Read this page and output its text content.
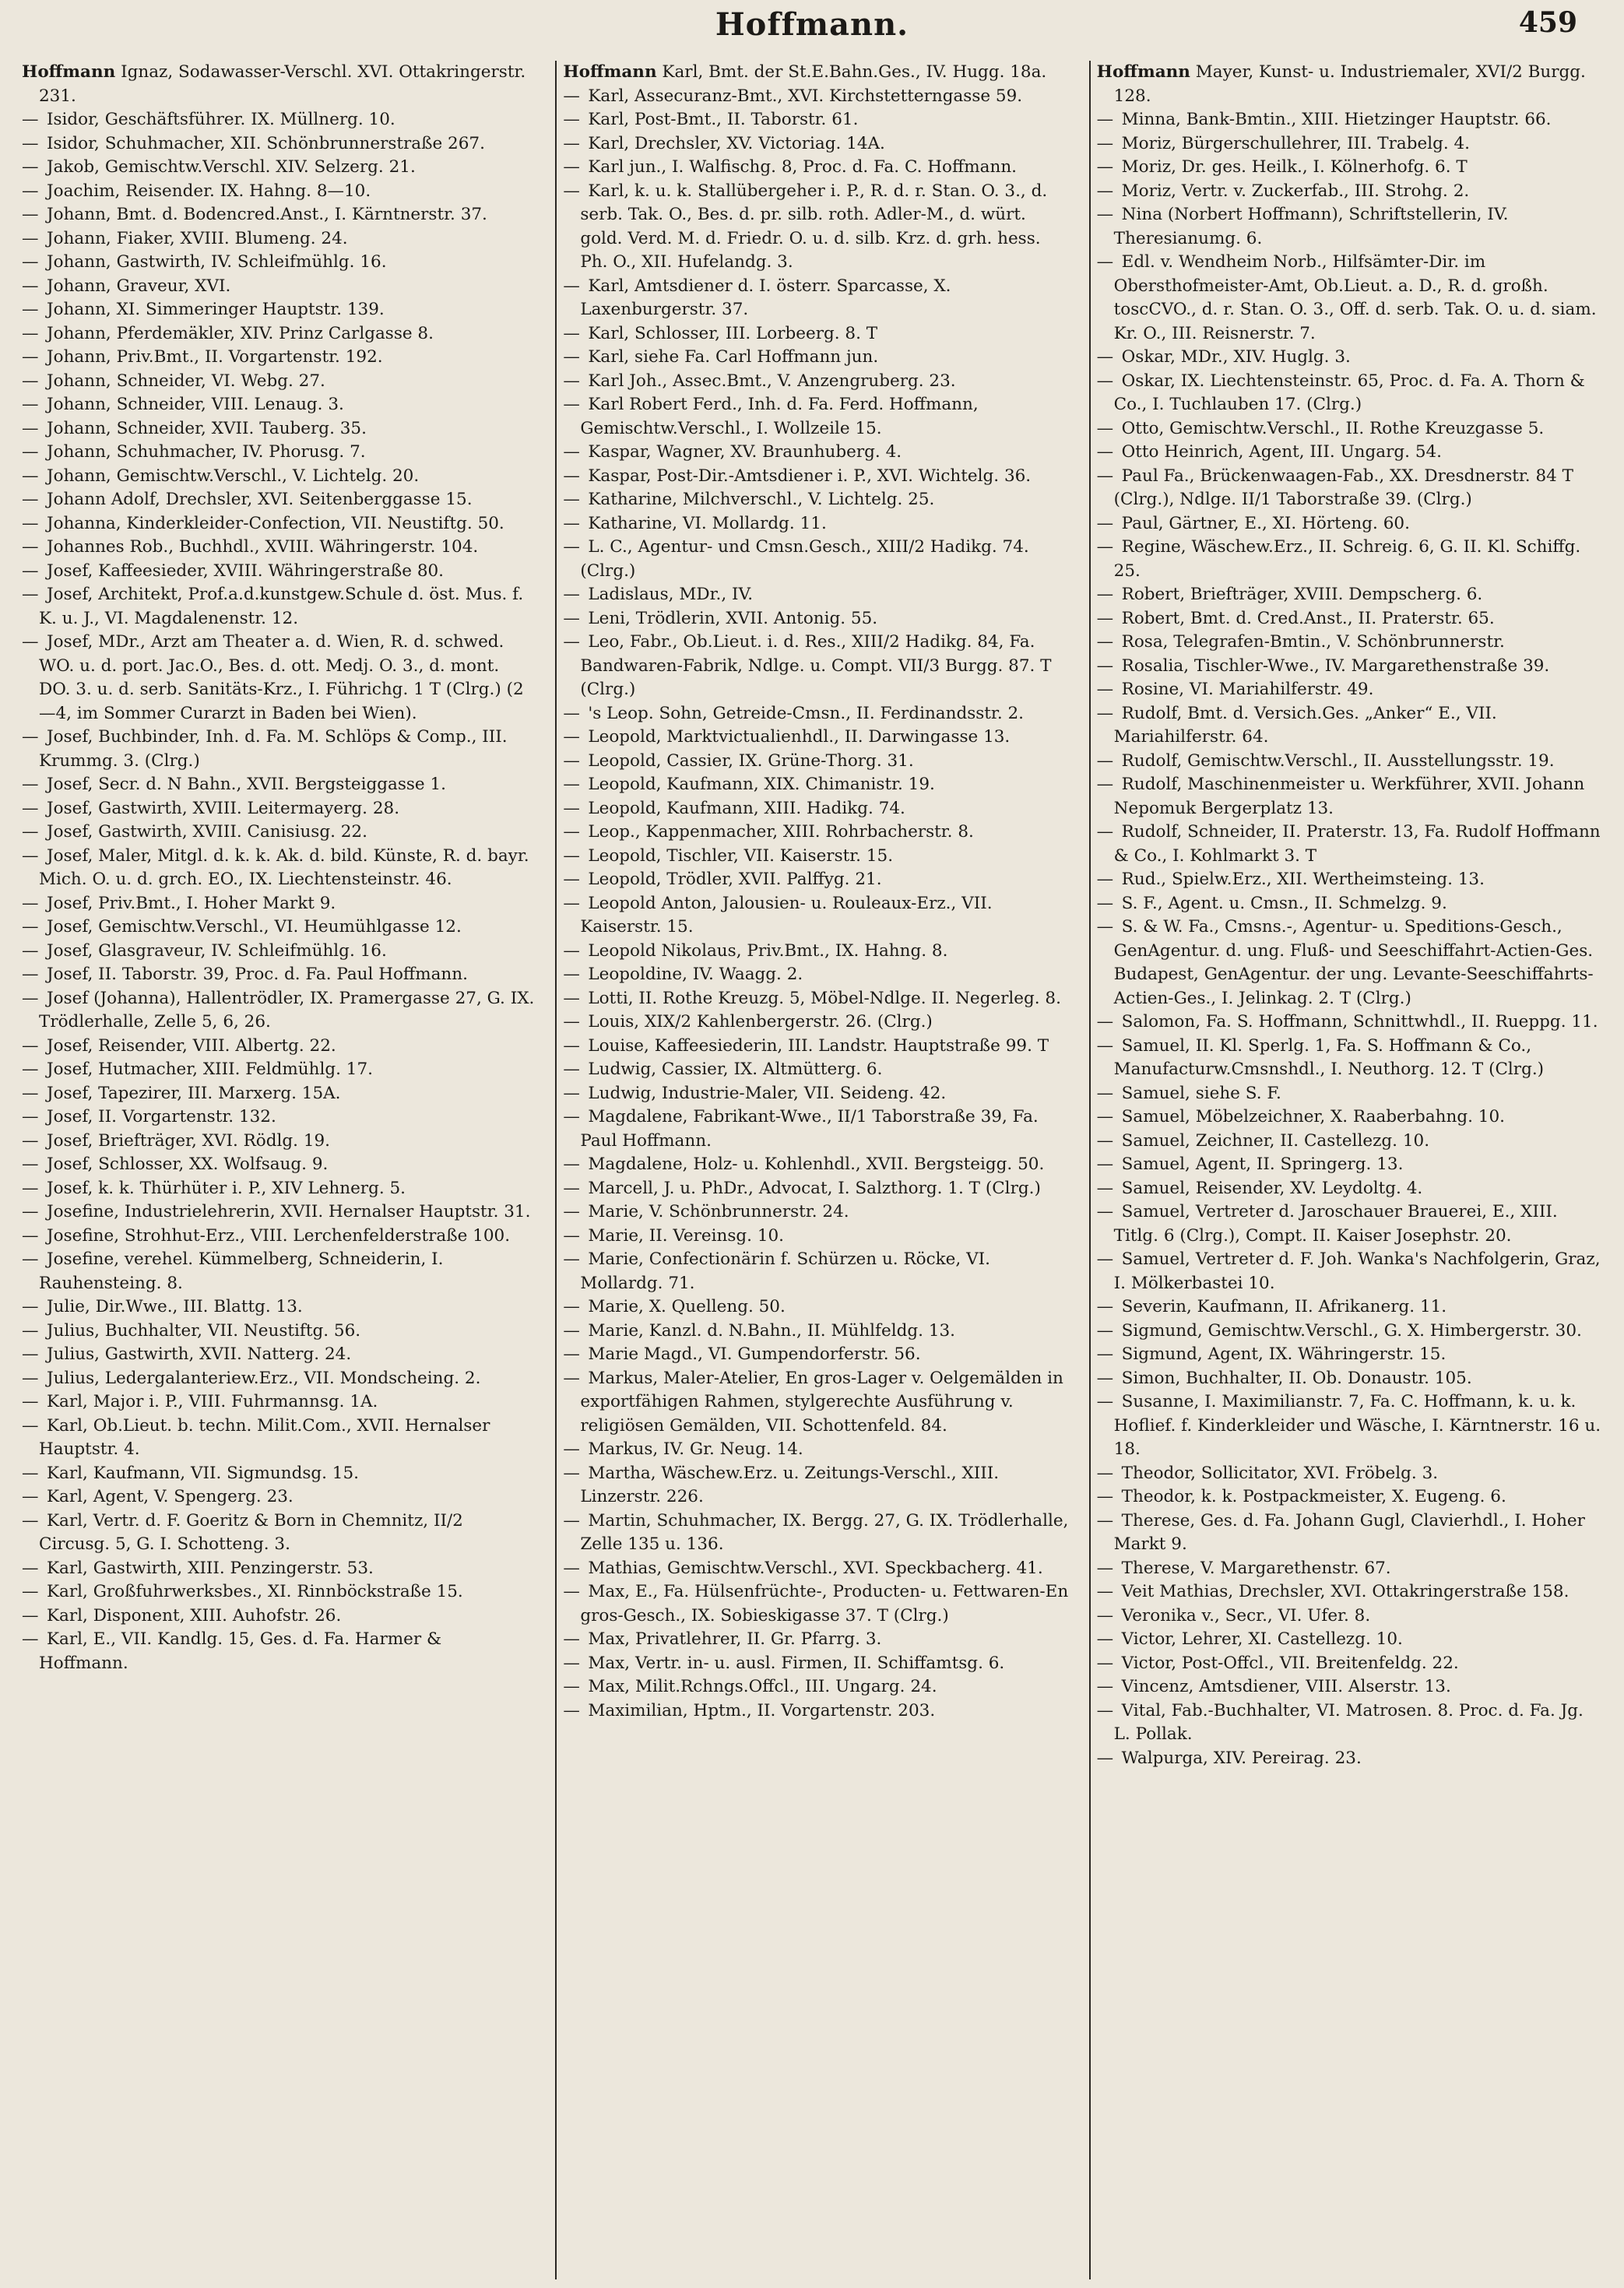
Hoffmann.	459
Hoffmann Ignaz, Sodawasser-Verschl. XVI. Ottakringerstr. 231.
— Isidor, Geschäftsführer. IX. Müllnerg. 10.
— Isidor, Schuhmacher, XII. Schönbrunnerstraße 267.
— Jakob, Gemischtw.Verschl. XIV. Selzerg. 21.
— Joachim, Reisender. IX. Hahng. 8—10.
— Johann, Bmt. d. Bodencred.Anst., I. Kärntnerstr. 37.
— Johann, Fiaker, XVIII. Blumeng. 24.
— Johann, Gastwirth, IV. Schleifmühlg. 16.
— Johann, Graveur, XVI.
— Johann, XI. Simmeringer Hauptstr. 139.
— Johann, Pferdemäkler, XIV. Prinz Carlgasse 8.
— Johann, Priv.Bmt., II. Vorgartenstr. 192.
— Johann, Schneider, VI. Webg. 27.
— Johann, Schneider, VIII. Lenaug. 3.
— Johann, Schneider, XVII. Tauberg. 35.
— Johann, Schuhmacher, IV. Phorusg. 7.
— Johann, Gemischtw.Verschl., V. Lichtelg. 20.
— Johann Adolf, Drechsler, XVI. Seitenberggasse 15.
— Johanna, Kinderkleider-Confection, VII. Neustiftg. 50.
— Johannes Rob., Buchhdl., XVIII. Währingerstr. 104.
— Josef, Kaffeesieder, XVIII. Währingerstraße 80.
— Josef, Architekt, Prof.a.d.kunstgew.Schule d. öst. Mus. f. K. u. J., VI. Magdalenenstr. 12.
— Josef, MDr., Arzt am Theater a. d. Wien, R. d. schwed. WO. u. d. port. Jac.O., Bes. d. ott. Medj. O. 3., d. mont. DO. 3. u. d. serb. Sanitäts-Krz., I. Führichg. 1 T (Clrg.) (2—4, im Sommer Curarzt in Baden bei Wien).
— Josef, Buchbinder, Inh. d. Fa. M. Schlöps & Comp., III. Krummg. 3. (Clrg.)
— Josef, Secr. d. N Bahn., XVII. Bergsteiggasse 1.
— Josef, Gastwirth, XVIII. Leitermayerg. 28.
— Josef, Gastwirth, XVIII. Canisiusg. 22.
— Josef, Maler, Mitgl. d. k. k. Ak. d. bild. Künste, R. d. bayr. Mich. O. u. d. grch. EO., IX. Liechtensteinstr. 46.
— Josef, Priv.Bmt., I. Hoher Markt 9.
— Josef, Gemischtw.Verschl., VI. Heumühlgasse 12.
— Josef, Glasgraveur, IV. Schleifmühlg. 16.
— Josef, II. Taborstr. 39, Proc. d. Fa. Paul Hoffmann.
— Josef (Johanna), Hallentrödler, IX. Pramergasse 27, G. IX. Trödlerhalle, Zelle 5, 6, 26.
— Josef, Reisender, VIII. Albertg. 22.
— Josef, Hutmacher, XIII. Feldmühlg. 17.
— Josef, Tapezirer, III. Marxerg. 15A.
— Josef, II. Vorgartenstr. 132.
— Josef, Briefträger, XVI. Rödlg. 19.
— Josef, Schlosser, XX. Wolfsaug. 9.
— Josef, k. k. Thürhüter i. P., XIV Lehnerg. 5.
— Josefine, Industrielehrerin, XVII. Hernalser Hauptstr. 31.
— Josefine, Strohhut-Erz., VIII. Lerchenfelderstraße 100.
— Josefine, verehel. Kümmelberg, Schneiderin, I. Rauhensteing. 8.
— Julie, Dir.Wwe., III. Blattg. 13.
— Julius, Buchhalter, VII. Neustiftg. 56.
— Julius, Gastwirth, XVII. Natterg. 24.
— Julius, Ledergalanteriew.Erz., VII. Mondscheing. 2.
— Karl, Major i. P., VIII. Fuhrmannsg. 1A.
— Karl, Ob.Lieut. b. techn. Milit.Com., XVII. Hernalser Hauptstr. 4.
— Karl, Kaufmann, VII. Sigmundsg. 15.
— Karl, Agent, V. Spengerg. 23.
— Karl, Vertr. d. F. Goeritz & Born in Chemnitz, II/2 Circusg. 5, G. I. Schotteng. 3.
— Karl, Gastwirth, XIII. Penzingerstr. 53.
— Karl, Großfuhrwerksbes., XI. Rinnböckstraße 15.
— Karl, Disponent, XIII. Auhofstr. 26.
— Karl, E., VII. Kandlg. 15, Ges. d. Fa. Harmer & Hoffmann.
Hoffmann Karl, Bmt. der St.E.Bahn.Ges., IV. Hugg. 18a.
— Karl, Assecuranz-Bmt., XVI. Kirchstetterngasse 59.
— Karl, Post-Bmt., II. Taborstr. 61.
— Karl, Drechsler, XV. Victoriag. 14A.
— Karl jun., I. Walfischg. 8, Proc. d. Fa. C. Hoffmann.
— Karl, k. u. k. Stallübergeher i. P., R. d. r. Stan. O. 3., d. serb. Tak. O., Bes. d. pr. silb. roth. Adler-M., d. würt. gold. Verd. M. d. Friedr. O. u. d. silb. Krz. d. grh. hess. Ph. O., XII. Hufelandg. 3.
— Karl, Amtsdiener d. I. österr. Sparcasse, X. Laxenburgerstr. 37.
— Karl, Schlosser, III. Lorbeerg. 8. T
— Karl, siehe Fa. Carl Hoffmann jun.
— Karl Joh., Assec.Bmt., V. Anzengruberg. 23.
— Karl Robert Ferd., Inh. d. Fa. Ferd. Hoffmann, Gemischtw.Verschl., I. Wollzeile 15.
— Kaspar, Wagner, XV. Braunhuberg. 4.
— Kaspar, Post-Dir.-Amtsdiener i. P., XVI. Wichtelg. 36.
— Katharine, Milchverschl., V. Lichtelg. 25.
— Katharine, VI. Mollardg. 11.
— L. C., Agentur- und Cmsn.Gesch., XIII/2 Hadikg. 74. (Clrg.)
— Ladislaus, MDr., IV.
— Leni, Trödlerin, XVII. Antonig. 55.
— Leo, Fabr., Ob.Lieut. i. d. Res., XIII/2 Hadikg. 84, Fa. Bandwaren-Fabrik, Ndlge. u. Compt. VII/3 Burgg. 87. T (Clrg.)
— 's Leop. Sohn, Getreide-Cmsn., II. Ferdinandsstr. 2.
— Leopold, Marktvictualienhdl., II. Darwingasse 13.
— Leopold, Cassier, IX. Grüne-Thorg. 31.
— Leopold, Kaufmann, XIX. Chimanistr. 19.
— Leopold, Kaufmann, XIII. Hadikg. 74.
— Leop., Kappenmacher, XIII. Rohrbacherstr. 8.
— Leopold, Tischler, VII. Kaiserstr. 15.
— Leopold, Trödler, XVII. Palffyg. 21.
— Leopold Anton, Jalousien- u. Rouleaux-Erz., VII. Kaiserstr. 15.
— Leopold Nikolaus, Priv.Bmt., IX. Hahng. 8.
— Leopoldine, IV. Waagg. 2.
— Lotti, II. Rothe Kreuzg. 5, Möbel-Ndlge. II. Negerleg. 8.
— Louis, XIX/2 Kahlenbergerstr. 26. (Clrg.)
— Louise, Kaffeesiederin, III. Landstr. Hauptstraße 99. T
— Ludwig, Cassier, IX. Altmütterg. 6.
— Ludwig, Industrie-Maler, VII. Seideng. 42.
— Magdalene, Fabrikant-Wwe., II/1 Taborstraße 39, Fa. Paul Hoffmann.
— Magdalene, Holz- u. Kohlenhdl., XVII. Bergsteigg. 50.
— Marcell, J. u. PhDr., Advocat, I. Salzthorg. 1. T (Clrg.)
— Marie, V. Schönbrunnerstr. 24.
— Marie, II. Vereinsg. 10.
— Marie, Confectionärin f. Schürzen u. Röcke, VI. Mollardg. 71.
— Marie, X. Quelleng. 50.
— Marie, Kanzl. d. N.Bahn., II. Mühlfeldg. 13.
— Marie Magd., VI. Gumpendorferstr. 56.
— Markus, Maler-Atelier, En gros-Lager v. Oelgemälden in exportfähigen Rahmen, stylgerechte Ausführung v. religiösen Gemälden, VII. Schottenfeld. 84.
— Markus, IV. Gr. Neug. 14.
— Martha, Wäschew.Erz. u. Zeitungs-Verschl., XIII. Linzerstr. 226.
— Martin, Schuhmacher, IX. Bergg. 27, G. IX. Trödlerhalle, Zelle 135 u. 136.
— Mathias, Gemischtw.Verschl., XVI. Speckbacherg. 41.
— Max, E., Fa. Hülsenfrüchte-, Producten- u. Fettwaren-En gros-Gesch., IX. Sobieskigasse 37. T (Clrg.)
— Max, Privatlehrer, II. Gr. Pfarrg. 3.
— Max, Vertr. in- u. ausl. Firmen, II. Schiffamtsg. 6.
— Max, Milit.Rchngs.Offcl., III. Ungarg. 24.
— Maximilian, Hptm., II. Vorgartenstr. 203.
Hoffmann Mayer, Kunst- u. Industriemaler, XVI/2 Burgg. 128.
— Minna, Bank-Bmtin., XIII. Hietzinger Hauptstr. 66.
— Moriz, Bürgerschullehrer, III. Trabelg. 4.
— Moriz, Dr. ges. Heilk., I. Kölnerhofg. 6. T
— Moriz, Vertr. v. Zuckerfab., III. Strohg. 2.
— Nina (Norbert Hoffmann), Schriftstellerin, IV. Theresianumg. 6.
— Edl. v. Wendheim Norb., Hilfsämter-Dir. im Obersthofmeister-Amt, Ob.Lieut. a. D., R. d. großh. toscCVO., d. r. Stan. O. 3., Off. d. serb. Tak. O. u. d. siam. Kr. O., III. Reisnerstr. 7.
— Oskar, MDr., XIV. Huglg. 3.
— Oskar, IX. Liechtensteinstr. 65, Proc. d. Fa. A. Thorn & Co., I. Tuchlauben 17. (Clrg.)
— Otto, Gemischtw.Verschl., II. Rothe Kreuzgasse 5.
— Otto Heinrich, Agent, III. Ungarg. 54.
— Paul Fa., Brückenwaagen-Fab., XX. Dresdnerstr. 84 T (Clrg.), Ndlge. II/1 Taborstraße 39. (Clrg.)
— Paul, Gärtner, E., XI. Hörteng. 60.
— Regine, Wäschew.Erz., II. Schreig. 6, G. II. Kl. Schiffg. 25.
— Robert, Briefträger, XVIII. Dempscherg. 6.
— Robert, Bmt. d. Cred.Anst., II. Praterstr. 65.
— Rosa, Telegrafen-Bmtin., V. Schönbrunnerstr.
— Rosalia, Tischler-Wwe., IV. Margarethenstraße 39.
— Rosine, VI. Mariahilferstr. 49.
— Rudolf, Bmt. d. Versich.Ges. „Anker“ E., VII. Mariahilferstr. 64.
— Rudolf, Gemischtw.Verschl., II. Ausstellungsstr. 19.
— Rudolf, Maschinenmeister u. Werkführer, XVII. Johann Nepomuk Bergerplatz 13.
— Rudolf, Schneider, II. Praterstr. 13, Fa. Rudolf Hoffmann & Co., I. Kohlmarkt 3. T
— Rud., Spielw.Erz., XII. Wertheimsteing. 13.
— S. F., Agent. u. Cmsn., II. Schmelzg. 9.
— S. & W. Fa., Cmsns.-, Agentur- u. Speditions-Gesch., GenAgentur. d. ung. Fluß- und Seeschiffahrt-Actien-Ges. Budapest, GenAgentur. der ung. Levante-Seeschiffahrts-Actien-Ges., I. Jelinkag. 2. T (Clrg.)
— Salomon, Fa. S. Hoffmann, Schnittwhdl., II. Rueppg. 11.
— Samuel, II. Kl. Sperlg. 1, Fa. S. Hoffmann & Co., Manufacturw.Cmsnshdl., I. Neuthorg. 12. T (Clrg.)
— Samuel, siehe S. F.
— Samuel, Möbelzeichner, X. Raaberbahng. 10.
— Samuel, Zeichner, II. Castellezg. 10.
— Samuel, Agent, II. Springerg. 13.
— Samuel, Reisender, XV. Leydoltg. 4.
— Samuel, Vertreter d. Jaroschauer Brauerei, E., XIII. Titlg. 6 (Clrg.), Compt. II. Kaiser Josephstr. 20.
— Samuel, Vertreter d. F. Joh. Wanka's Nachfolgerin, Graz, I. Mölkerbastei 10.
— Severin, Kaufmann, II. Afrikanerg. 11.
— Sigmund, Gemischtw.Verschl., G. X. Himbergerstr. 30.
— Sigmund, Agent, IX. Währingerstr. 15.
— Simon, Buchhalter, II. Ob. Donaustr. 105.
— Susanne, I. Maximilianstr. 7, Fa. C. Hoffmann, k. u. k. Hoflief. f. Kinderkleider und Wäsche, I. Kärntnerstr. 16 u. 18.
— Theodor, Sollicitator, XVI. Fröbelg. 3.
— Theodor, k. k. Postpackmeister, X. Eugeng. 6.
— Therese, Ges. d. Fa. Johann Gugl, Clavierhdl., I. Hoher Markt 9.
— Therese, V. Margarethenstr. 67.
— Veit Mathias, Drechsler, XVI. Ottakringerstraße 158.
— Veronika v., Secr., VI. Ufer. 8.
— Victor, Lehrer, XI. Castellezg. 10.
— Victor, Post-Offcl., VII. Breitenfeldg. 22.
— Vincenz, Amtsdiener, VIII. Alserstr. 13.
— Vital, Fab.-Buchhalter, VI. Matrosen. 8. Proc. d. Fa. Jg. L. Pollak.
— Walpurga, XIV. Pereirag. 23.
